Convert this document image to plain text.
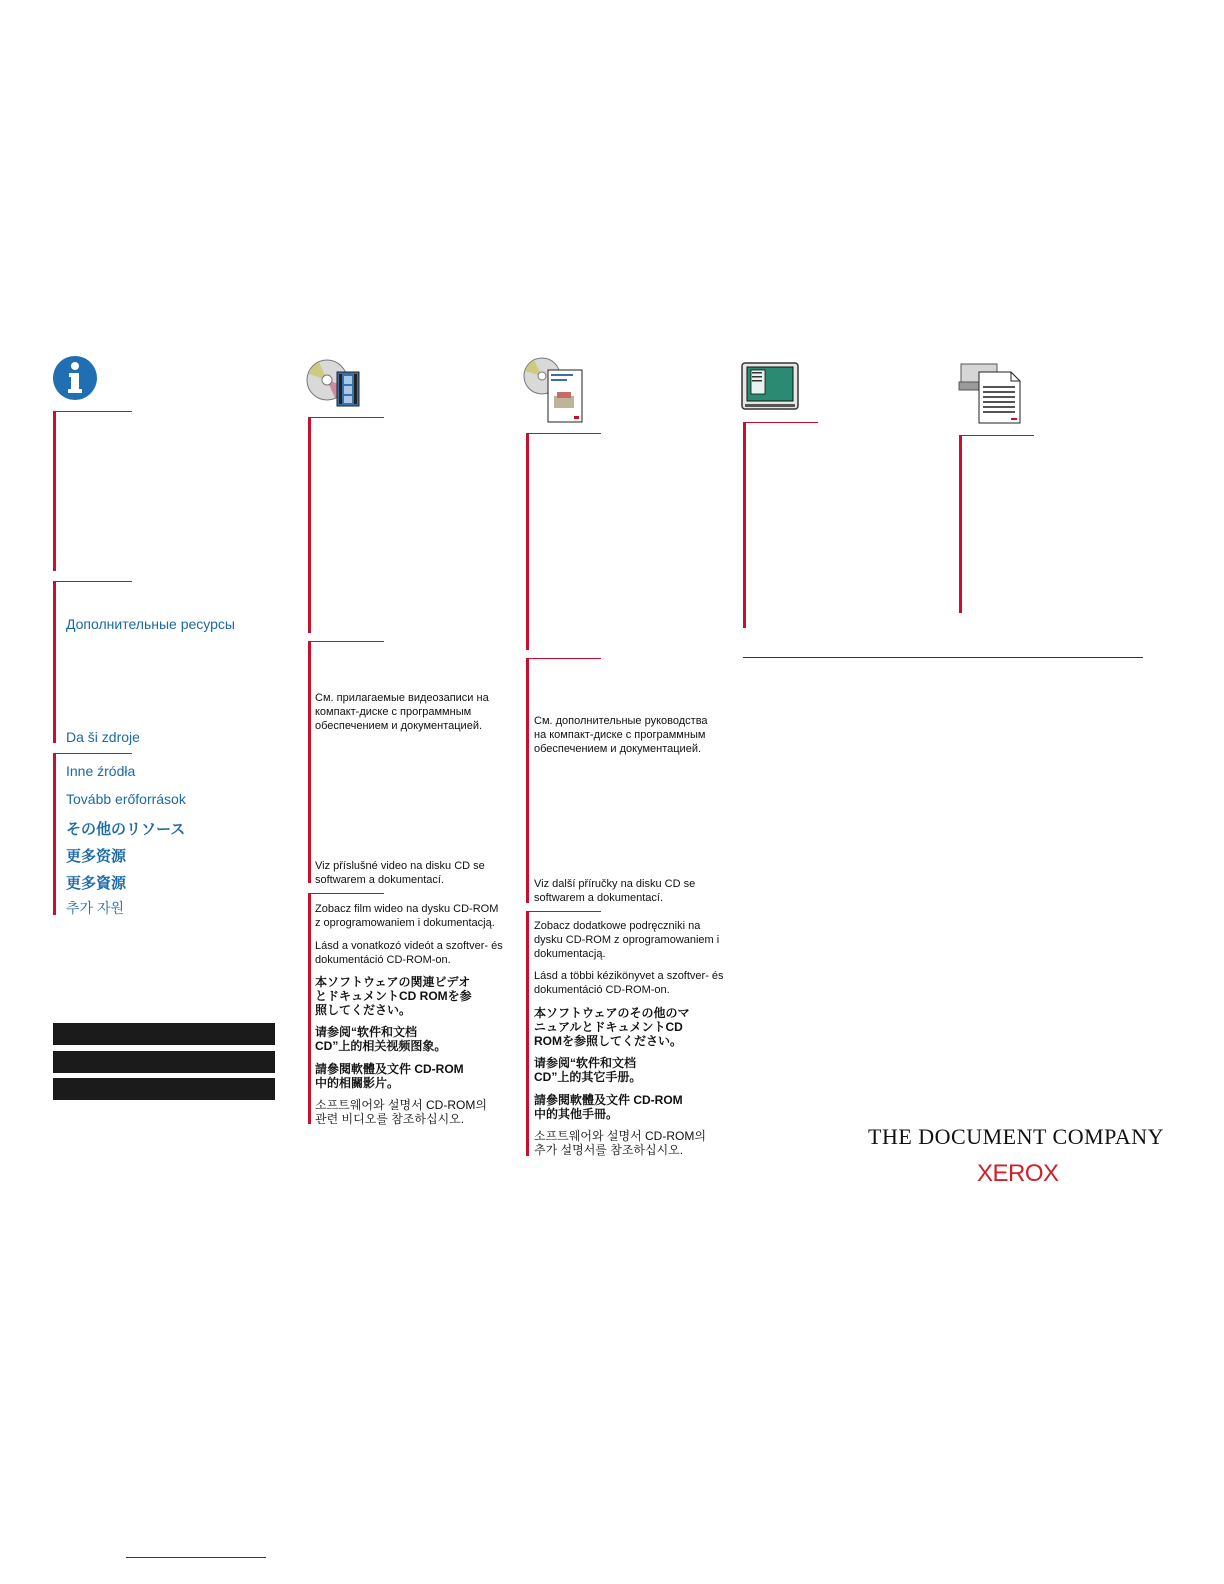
Дополнительные ресурсы
Da ši zdroje
Inne źródła
Tovább erőforrások
その他のリソース
更多资源
更多資源
추가 자원
См. прилагаемые видеозаписи на компакт-диске с программным обеспечением и документацией.
Viz příslušné video na disku CD se softwarem a dokumentací.
Zobacz film wideo na dysku CD-ROM z oprogramowaniem i dokumentacją.
Lásd a vonatkozó videót a szoftver- és dokumentáció CD-ROM-on.
本ソフトウェアの関連ビデオとドキュメントCD ROMを参照してください。
请参阅“软件和文档 CD”上的相关视频图象。
請參閱軟體及文件 CD-ROM 中的相關影片。
소프트웨어와 설명서 CD-ROM의 관련 비디오를 참조하십시오.
См. дополнительные руководства на компакт-диске с программным обеспечением и документацией.
Viz další příručky na disku CD se softwarem a dokumentací.
Zobacz dodatkowe podręczniki na dysku CD-ROM z oprogramowaniem i dokumentacją.
Lásd a többi kézikönyvet a szoftver- és dokumentáció CD-ROM-on.
本ソフトウェアのその他のマニュアルとドキュメントCD ROMを参照してください。
请参阅“软件和文档 CD”上的其它手册。
請參閱軟體及文件 CD-ROM 中的其他手冊。
소프트웨어와 설명서 CD-ROM의 추가 설명서를 참조하십시오.
THE DOCUMENT COMPANY
XEROX
